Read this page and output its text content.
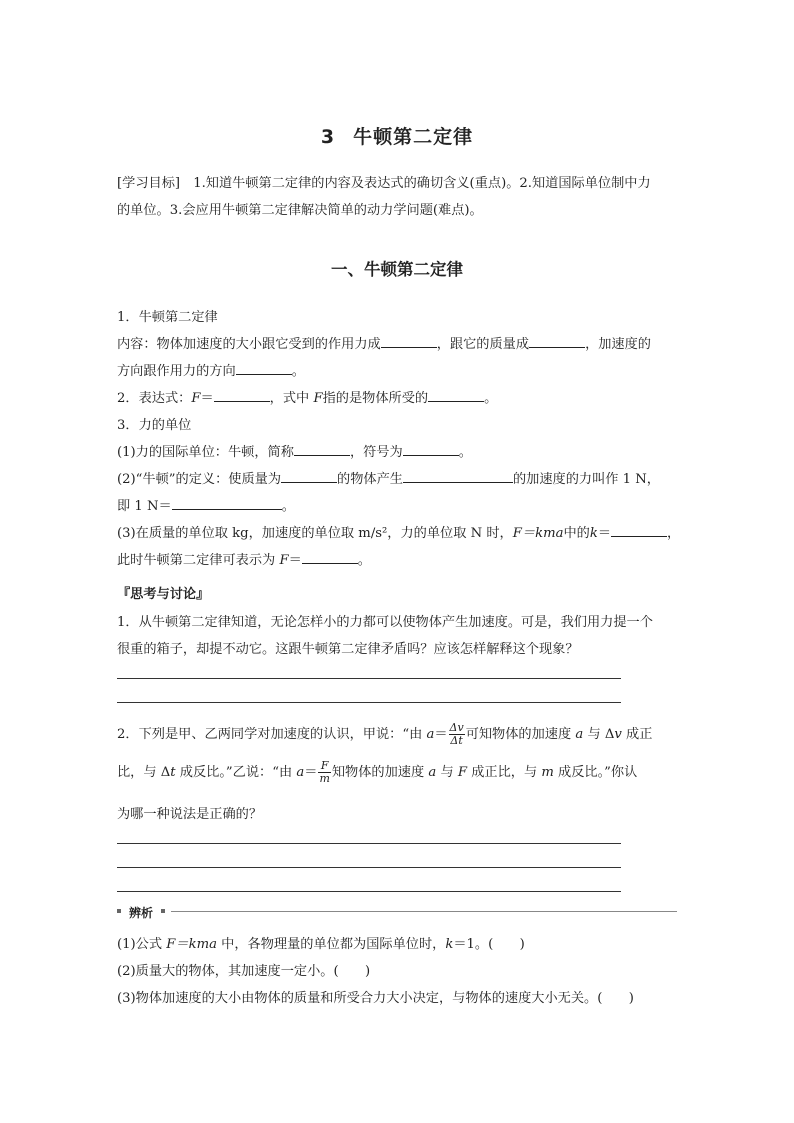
3 牛顿第二定律
[学习目标]　1.知道牛顿第二定律的内容及表达式的确切含义(重点)。2.知道国际单位制中力
的单位。3.会应用牛顿第二定律解决简单的动力学问题(难点)。
一、牛顿第二定律
1．牛顿第二定律
内容：物体加速度的大小跟它受到的作用力成	，跟它的质量成	，加速度的
方向跟作用力的方向	。
2．表达式：F＝	，式中 F指的是物体所受的	。
3．力的单位
(1)力的国际单位：牛顿，简称	，符号为	。
(2)“牛顿”的定义：使质量为	的物体产生	的加速度的力叫作 1 N，
即 1 N＝	。
(3)在质量的单位取 kg，加速度的单位取 m/s²，力的单位取 N 时，F＝kma中的k＝	，
此时牛顿第二定律可表示为 F＝	。
『思考与讨论』
1．从牛顿第二定律知道，无论怎样小的力都可以使物体产生加速度。可是，我们用力提一个
很重的箱子，却提不动它。这跟牛顿第二定律矛盾吗？应该怎样解释这个现象？
2．下列是甲、乙两同学对加速度的认识，甲说：“由 $a= \frac{\Delta v}{\Delta t}$ 可知物体的加速度 a 与 Δv 成正
比，与 Δt 成反比。”乙说：“由 $a= \frac{F}{m}$ 知物体的加速度 a 与 F 成正比，与 m 成反比。”你认
为哪一种说法是正确的？
辨析
(1)公式 F＝kma 中，各物理量的单位都为国际单位时，k＝1。(　　)
(2)质量大的物体，其加速度一定小。(　　)
(3)物体加速度的大小由物体的质量和所受合力大小决定，与物体的速度大小无关。(　　)
